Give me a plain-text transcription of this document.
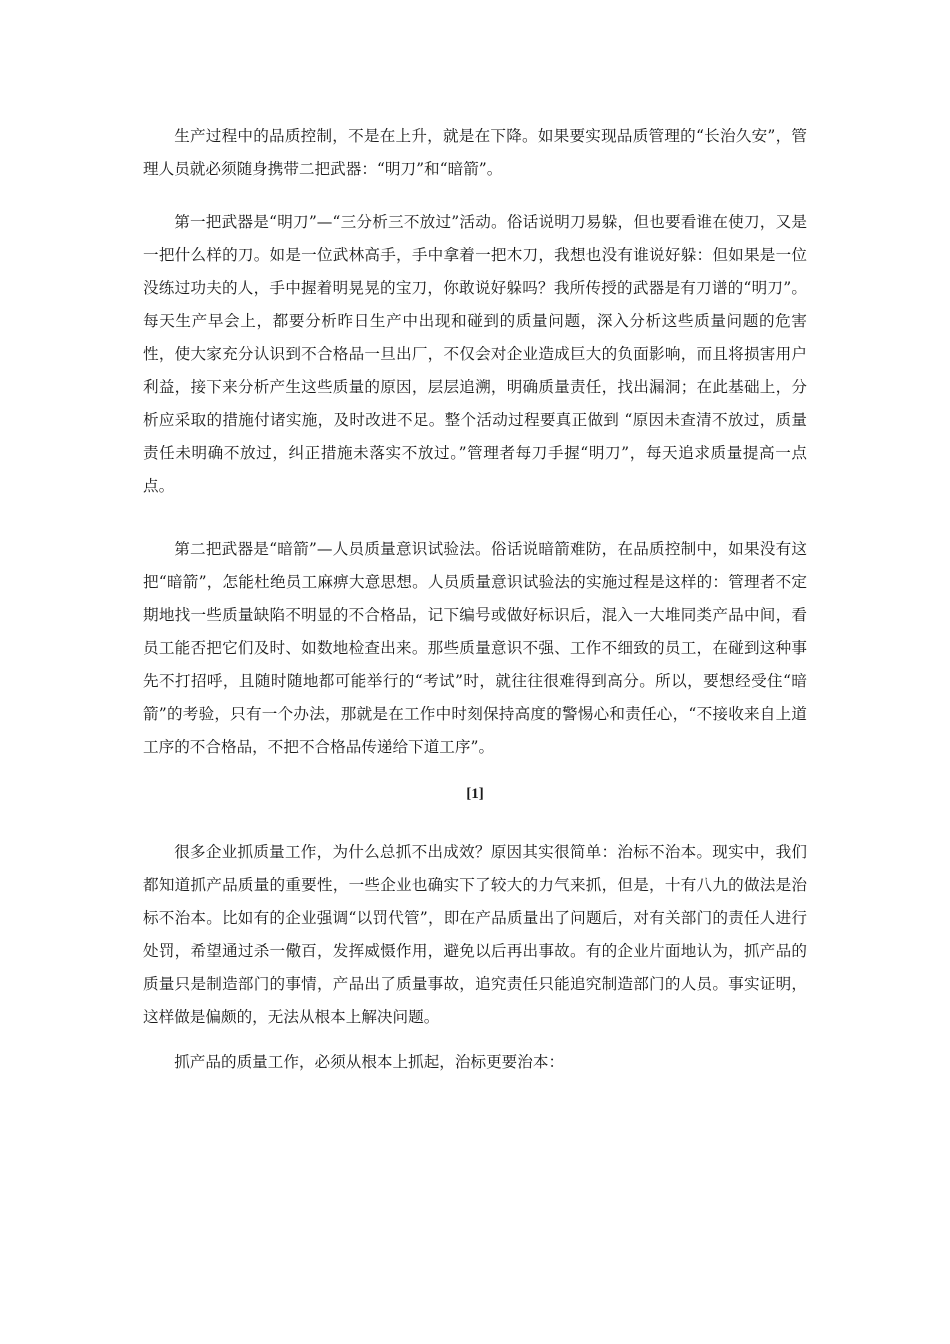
生产过程中的品质控制，不是在上升，就是在下降。如果要实现品质管理的“长治久安”，管理人员就必须随身携带二把武器：“明刀”和“暗箭”。

第一把武器是“明刀”—“三分析三不放过”活动。俗话说明刀易躲，但也要看谁在使刀，又是一把什么样的刀。如是一位武林高手，手中拿着一把木刀，我想也没有谁说好躲：但如果是一位没练过功夫的人，手中握着明晃晃的宝刀，你敢说好躲吗？我所传授的武器是有刀谱的“明刀”。每天生产早会上，都要分析昨日生产中出现和碰到的质量问题，深入分析这些质量问题的危害性，使大家充分认识到不合格品一旦出厂，不仅会对企业造成巨大的负面影响，而且将损害用户利益，接下来分析产生这些质量的原因，层层追溯，明确质量责任，找出漏洞；在此基础上，分析应采取的措施付诸实施，及时改进不足。整个活动过程要真正做到 “原因未查清不放过，质量责任未明确不放过，纠正措施未落实不放过。”管理者每刀手握“明刀”，每天追求质量提高一点点。

第二把武器是“暗箭”—人员质量意识试验法。俗话说暗箭难防，在品质控制中，如果没有这把“暗箭”，怎能杜绝员工麻痹大意思想。人员质量意识试验法的实施过程是这样的：管理者不定期地找一些质量缺陷不明显的不合格品，记下编号或做好标识后，混入一大堆同类产品中间，看员工能否把它们及时、如数地检查出来。那些质量意识不强、工作不细致的员工，在碰到这种事先不打招呼，且随时随地都可能举行的“考试”时，就往往很难得到高分。所以，要想经受住“暗箭”的考验，只有一个办法，那就是在工作中时刻保持高度的警惕心和责任心，“不接收来自上道工序的不合格品，不把不合格品传递给下道工序”。

[1]

很多企业抓质量工作，为什么总抓不出成效？原因其实很简单：治标不治本。现实中，我们都知道抓产品质量的重要性，一些企业也确实下了较大的力气来抓，但是，十有八九的做法是治标不治本。比如有的企业强调“以罚代管”，即在产品质量出了问题后，对有关部门的责任人进行处罚，希望通过杀一儆百，发挥威慑作用，避免以后再出事故。有的企业片面地认为，抓产品的质量只是制造部门的事情，产品出了质量事故，追究责任只能追究制造部门的人员。事实证明，这样做是偏颇的，无法从根本上解决问题。

抓产品的质量工作，必须从根本上抓起，治标更要治本：
